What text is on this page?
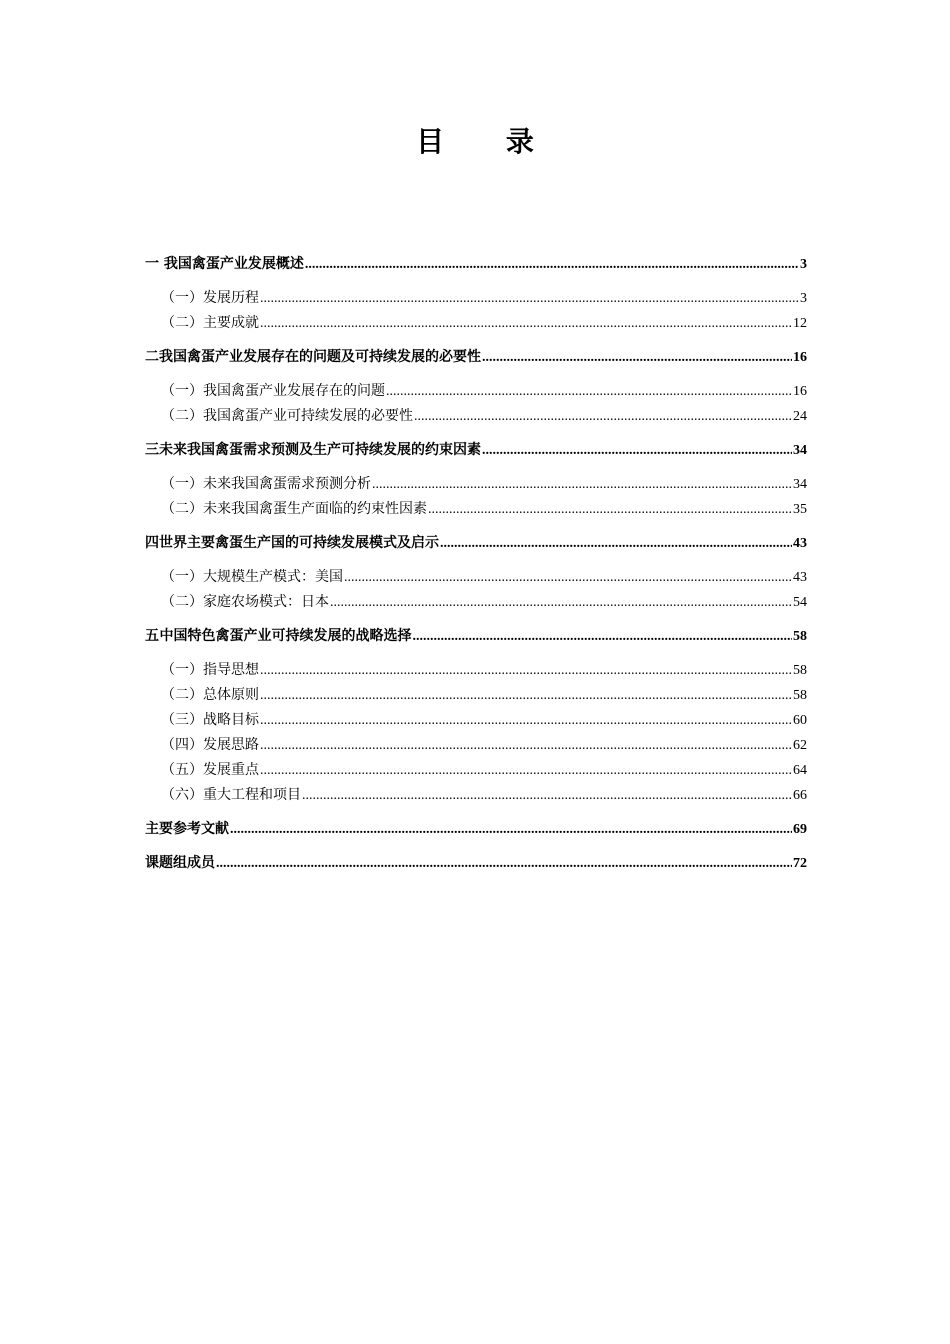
目 录
一 我国禽蛋产业发展概述 .....	3
（一）发展历程 .....	3
（二）主要成就 .....	12
二 我国禽蛋产业发展存在的问题及可持续发展的必要性 .....	16
（一）我国禽蛋产业发展存在的问题 .....	16
（二）我国禽蛋产业可持续发展的必要性 .....	24
三 未来我国禽蛋需求预测及生产可持续发展的约束因素 .....	34
（一）未来我国禽蛋需求预测分析 .....	34
（二）未来我国禽蛋生产面临的约束性因素 .....	35
四 世界主要禽蛋生产国的可持续发展模式及启示 .....	43
（一）大规模生产模式：美国 .....	43
（二）家庭农场模式：日本 .....	54
五 中国特色禽蛋产业可持续发展的战略选择 .....	58
（一）指导思想 .....	58
（二）总体原则 .....	58
（三）战略目标 .....	60
（四）发展思路 .....	62
（五）发展重点 .....	64
（六）重大工程和项目 .....	66
主要参考文献 .....	69
课题组成员 .....	72
